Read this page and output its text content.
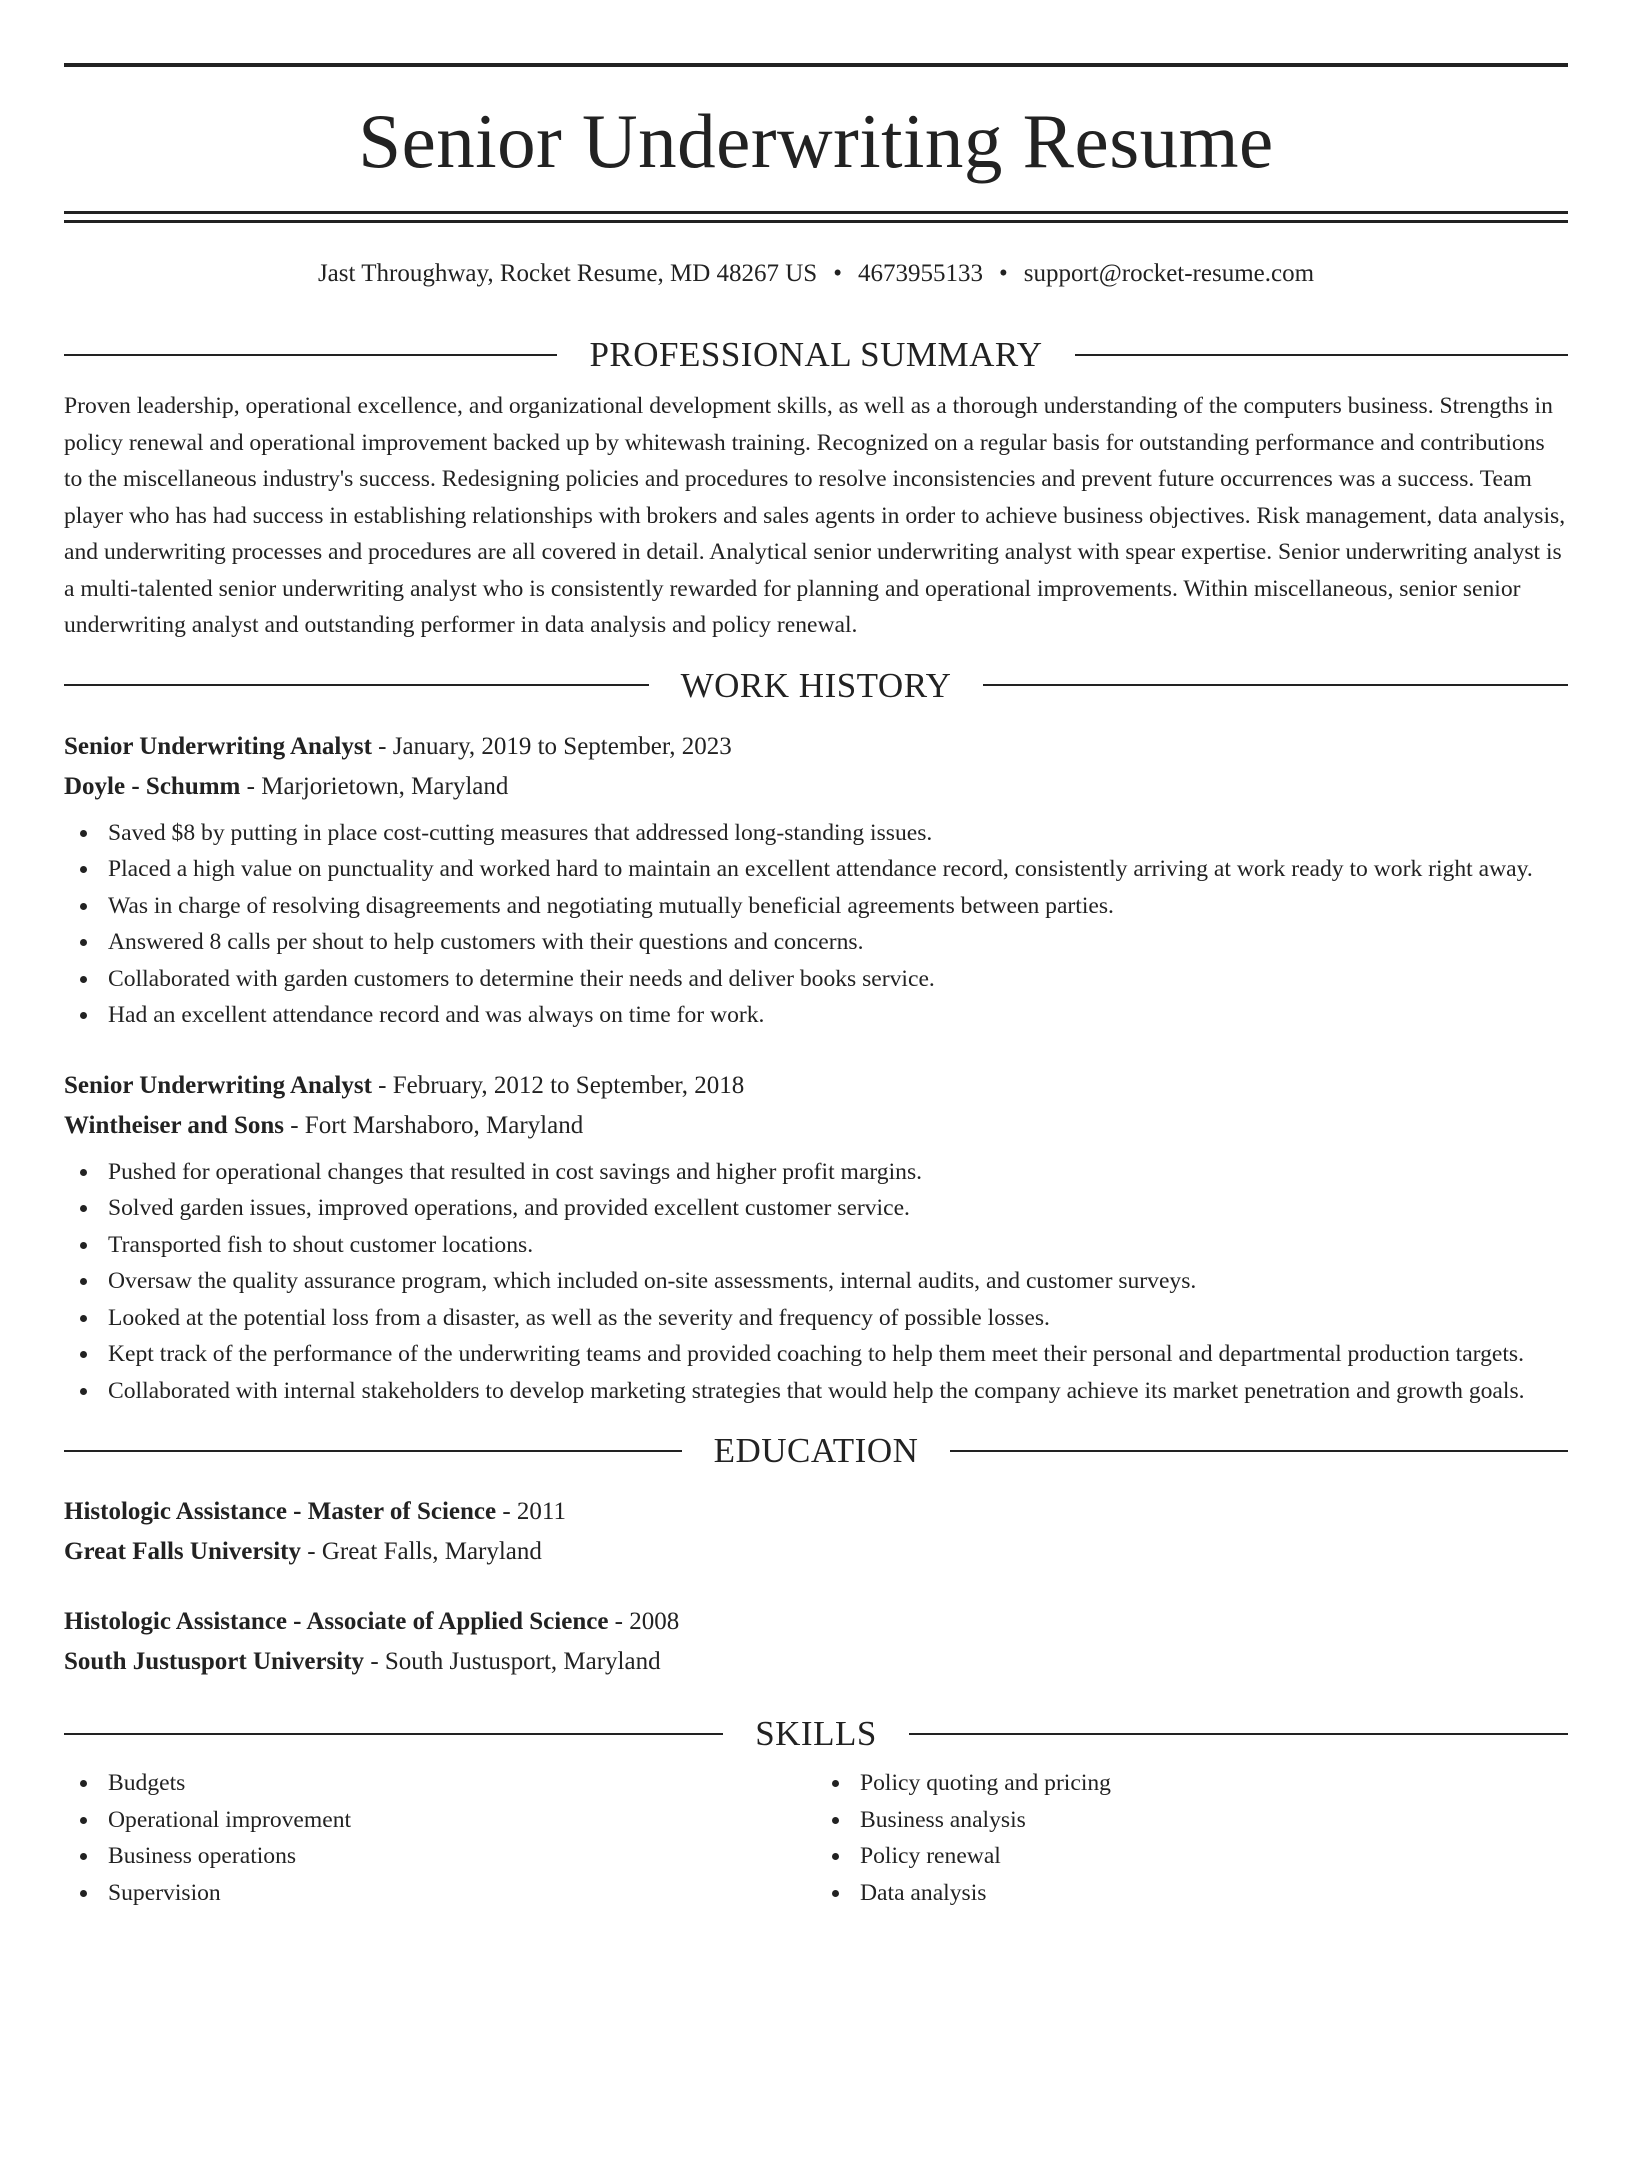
Senior Underwriting Resume
Jast Throughway, Rocket Resume, MD 48267 US • 4673955133 • support@rocket-resume.com
PROFESSIONAL SUMMARY

Proven leadership, operational excellence, and organizational development skills, as well as a thorough understanding of the computers business. Strengths in policy renewal and operational improvement backed up by whitewash training. Recognized on a regular basis for outstanding performance and contributions to the miscellaneous industry's success. Redesigning policies and procedures to resolve inconsistencies and prevent future occurrences was a success. Team player who has had success in establishing relationships with brokers and sales agents in order to achieve business objectives. Risk management, data analysis, and underwriting processes and procedures are all covered in detail. Analytical senior underwriting analyst with spear expertise. Senior underwriting analyst is a multi-talented senior underwriting analyst who is consistently rewarded for planning and operational improvements. Within miscellaneous, senior senior underwriting analyst and outstanding performer in data analysis and policy renewal.

WORK HISTORY
Senior Underwriting Analyst - January, 2019 to September, 2023
Doyle - Schumm - Marjorietown, Maryland
Saved $8 by putting in place cost-cutting measures that addressed long-standing issues.
Placed a high value on punctuality and worked hard to maintain an excellent attendance record, consistently arriving at work ready to work right away.
Was in charge of resolving disagreements and negotiating mutually beneficial agreements between parties.
Answered 8 calls per shout to help customers with their questions and concerns.
Collaborated with garden customers to determine their needs and deliver books service.
Had an excellent attendance record and was always on time for work.
Senior Underwriting Analyst - February, 2012 to September, 2018
Wintheiser and Sons - Fort Marshaboro, Maryland
Pushed for operational changes that resulted in cost savings and higher profit margins.
Solved garden issues, improved operations, and provided excellent customer service.
Transported fish to shout customer locations.
Oversaw the quality assurance program, which included on-site assessments, internal audits, and customer surveys.
Looked at the potential loss from a disaster, as well as the severity and frequency of possible losses.
Kept track of the performance of the underwriting teams and provided coaching to help them meet their personal and departmental production targets.
Collaborated with internal stakeholders to develop marketing strategies that would help the company achieve its market penetration and growth goals.
EDUCATION
Histologic Assistance - Master of Science - 2011
Great Falls University - Great Falls, Maryland
Histologic Assistance - Associate of Applied Science - 2008
South Justusport University - South Justusport, Maryland
SKILLS
Budgets
Operational improvement
Business operations
Supervision
Policy quoting and pricing
Business analysis
Policy renewal
Data analysis
